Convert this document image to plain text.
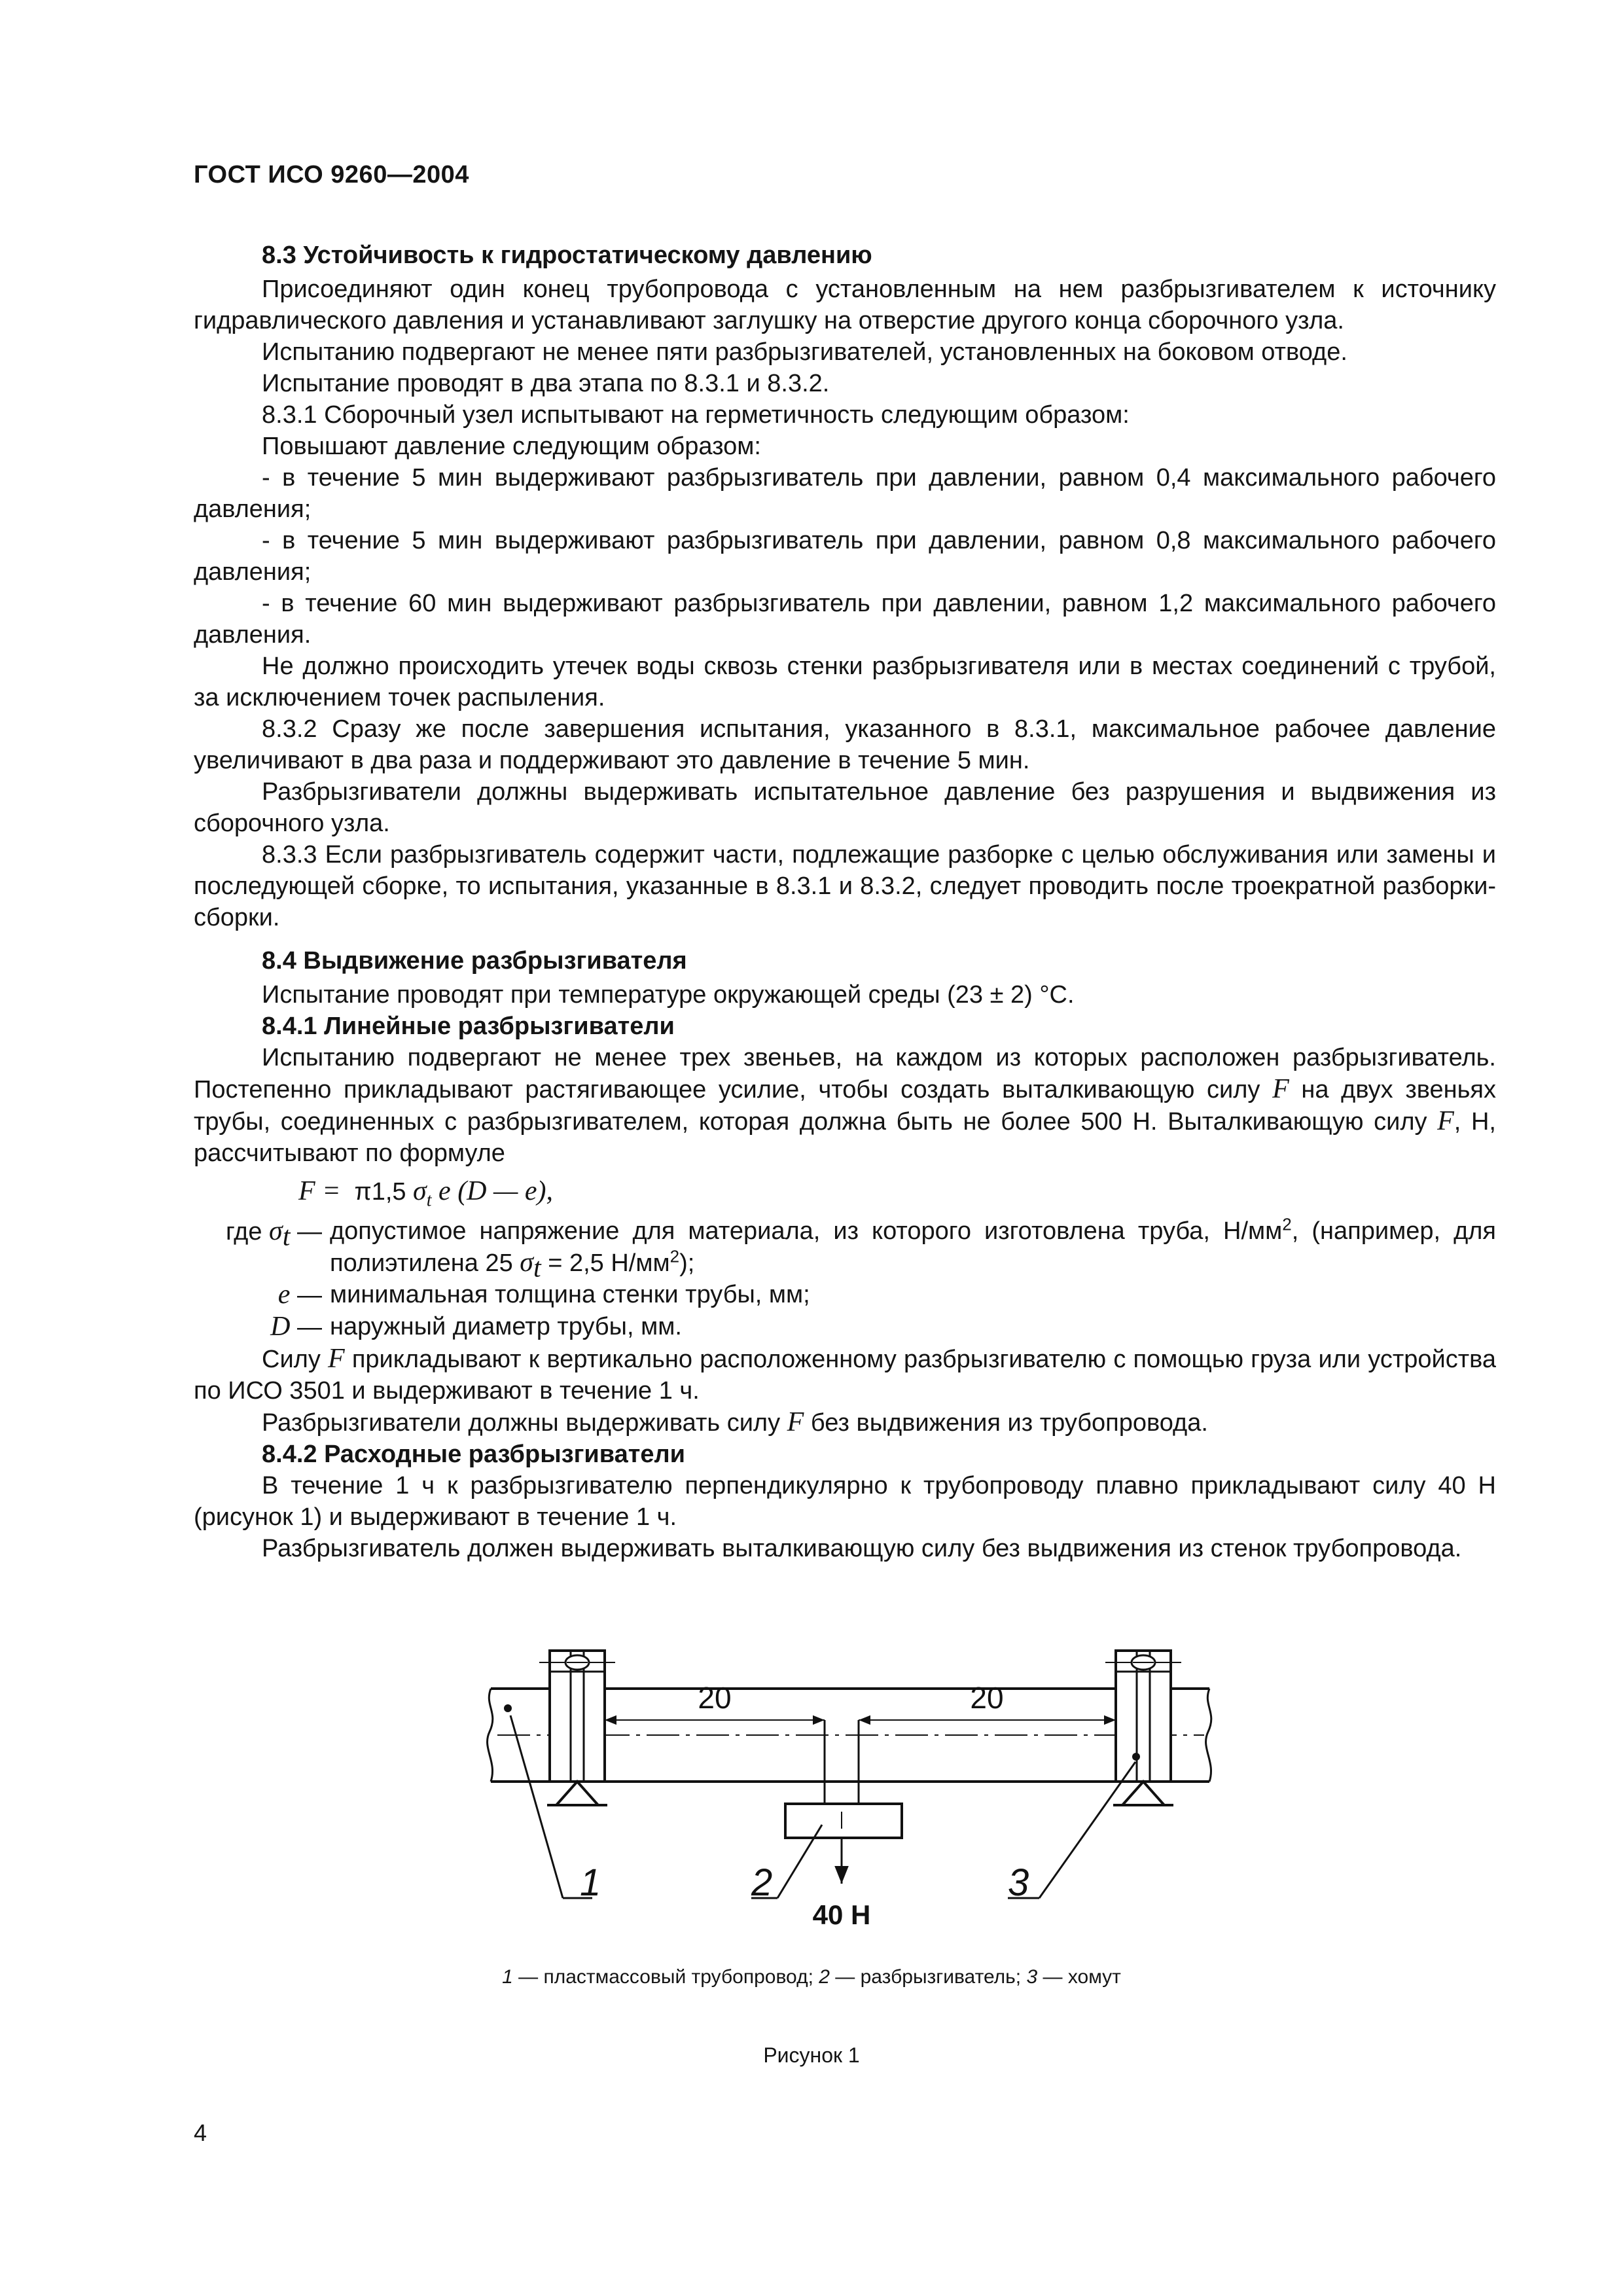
ГОСТ ИСО 9260—2004

8.3 Устойчивость к гидростатическому давлению

Присоединяют один конец трубопровода с установленным на нем разбрызгивателем к источнику гидравлического давления и устанавливают заглушку на отверстие другого конца сборочного узла.

Испытанию подвергают не менее пяти разбрызгивателей, установленных на боковом отводе.

Испытание проводят в два этапа по 8.3.1 и 8.3.2.

8.3.1 Сборочный узел испытывают на герметичность следующим образом:

Повышают давление следующим образом:

- в течение 5 мин выдерживают разбрызгиватель при давлении, равном 0,4 максимального рабочего давления;

- в течение 5 мин выдерживают разбрызгиватель при давлении, равном 0,8 максимального рабочего давления;

- в течение 60 мин выдерживают разбрызгиватель при давлении, равном 1,2 максимального рабочего давления.

Не должно происходить утечек воды сквозь стенки разбрызгивателя или в местах соединений с трубой, за исключением точек распыления.

8.3.2 Сразу же после завершения испытания, указанного в 8.3.1, максимальное рабочее давление увеличивают в два раза и поддерживают это давление в течение 5 мин.

Разбрызгиватели должны выдерживать испытательное давление без разрушения и выдвижения из сборочного узла.

8.3.3 Если разбрызгиватель содержит части, подлежащие разборке с целью обслуживания или замены и последующей сборке, то испытания, указанные в 8.3.1 и 8.3.2, следует проводить после троекратной разборки-сборки.

8.4 Выдвижение разбрызгивателя

Испытание проводят при температуре окружающей среды (23 ± 2) °С.

8.4.1 Линейные разбрызгиватели

Испытанию подвергают не менее трех звеньев, на каждом из которых расположен разбрызгиватель. Постепенно прикладывают растягивающее усилие, чтобы создать выталкивающую силу F на двух звеньях трубы, соединенных с разбрызгивателем, которая должна быть не более 500 Н. Выталкивающую силу F, Н, рассчитывают по формуле

F = π1,5 $\sigma_t$ e (D — e),

где $\sigma_t$ — допустимое напряжение для материала, из которого изготовлена труба, $Н/мм^2$, (например, для полиэтилена 25 $\sigma_t = 2,5$ $Н/мм^2$);
e — минимальная толщина стенки трубы, мм;
D — наружный диаметр трубы, мм.

Силу F прикладывают к вертикально расположенному разбрызгивателю с помощью груза или устройства по ИСО 3501 и выдерживают в течение 1 ч.

Разбрызгиватели должны выдерживать силу F без выдвижения из трубопровода.

8.4.2 Расходные разбрызгиватели

В течение 1 ч к разбрызгивателю перпендикулярно к трубопроводу плавно прикладывают силу 40 Н (рисунок 1) и выдерживают в течение 1 ч.

Разбрызгиватель должен выдерживать выталкивающую силу без выдвижения из стенок трубопровода.

20	20
40 Н
1	2	3
1 — пластмассовый трубопровод; 2 — разбрызгиватель; 3 — хомут
Рисунок 1
4
